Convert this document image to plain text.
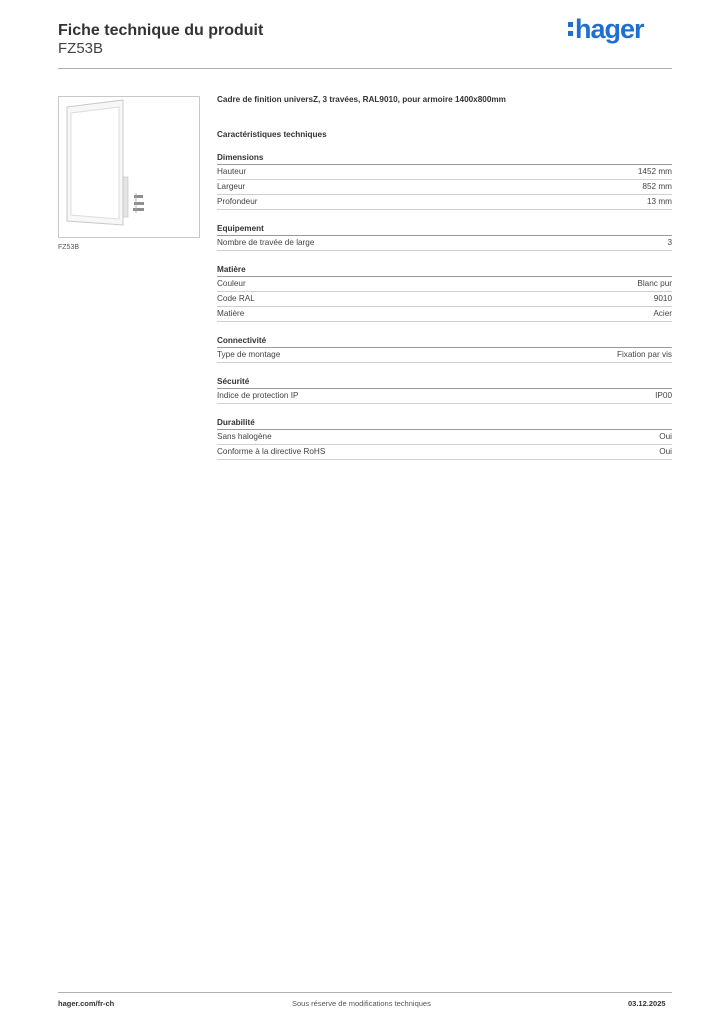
Fiche technique du produit
FZ53B
hager
FZ53B
Cadre de finition universZ, 3 travées, RAL9010, pour armoire 1400x800mm
Caractéristiques techniques
Dimensions
Hauteur	1452 mm
Largeur	852 mm
Profondeur	13 mm
Equipement
Nombre de travée de large	3
Matière
Couleur	Blanc pur
Code RAL	9010
Matière	Acier
Connectivité
Type de montage	Fixation par vis
Sécurité
Indice de protection IP	IP00
Durabilité
Sans halogène	Oui
Conforme à la directive RoHS	Oui
hager.com/fr-ch	Sous réserve de modifications techniques	03.12.2025
